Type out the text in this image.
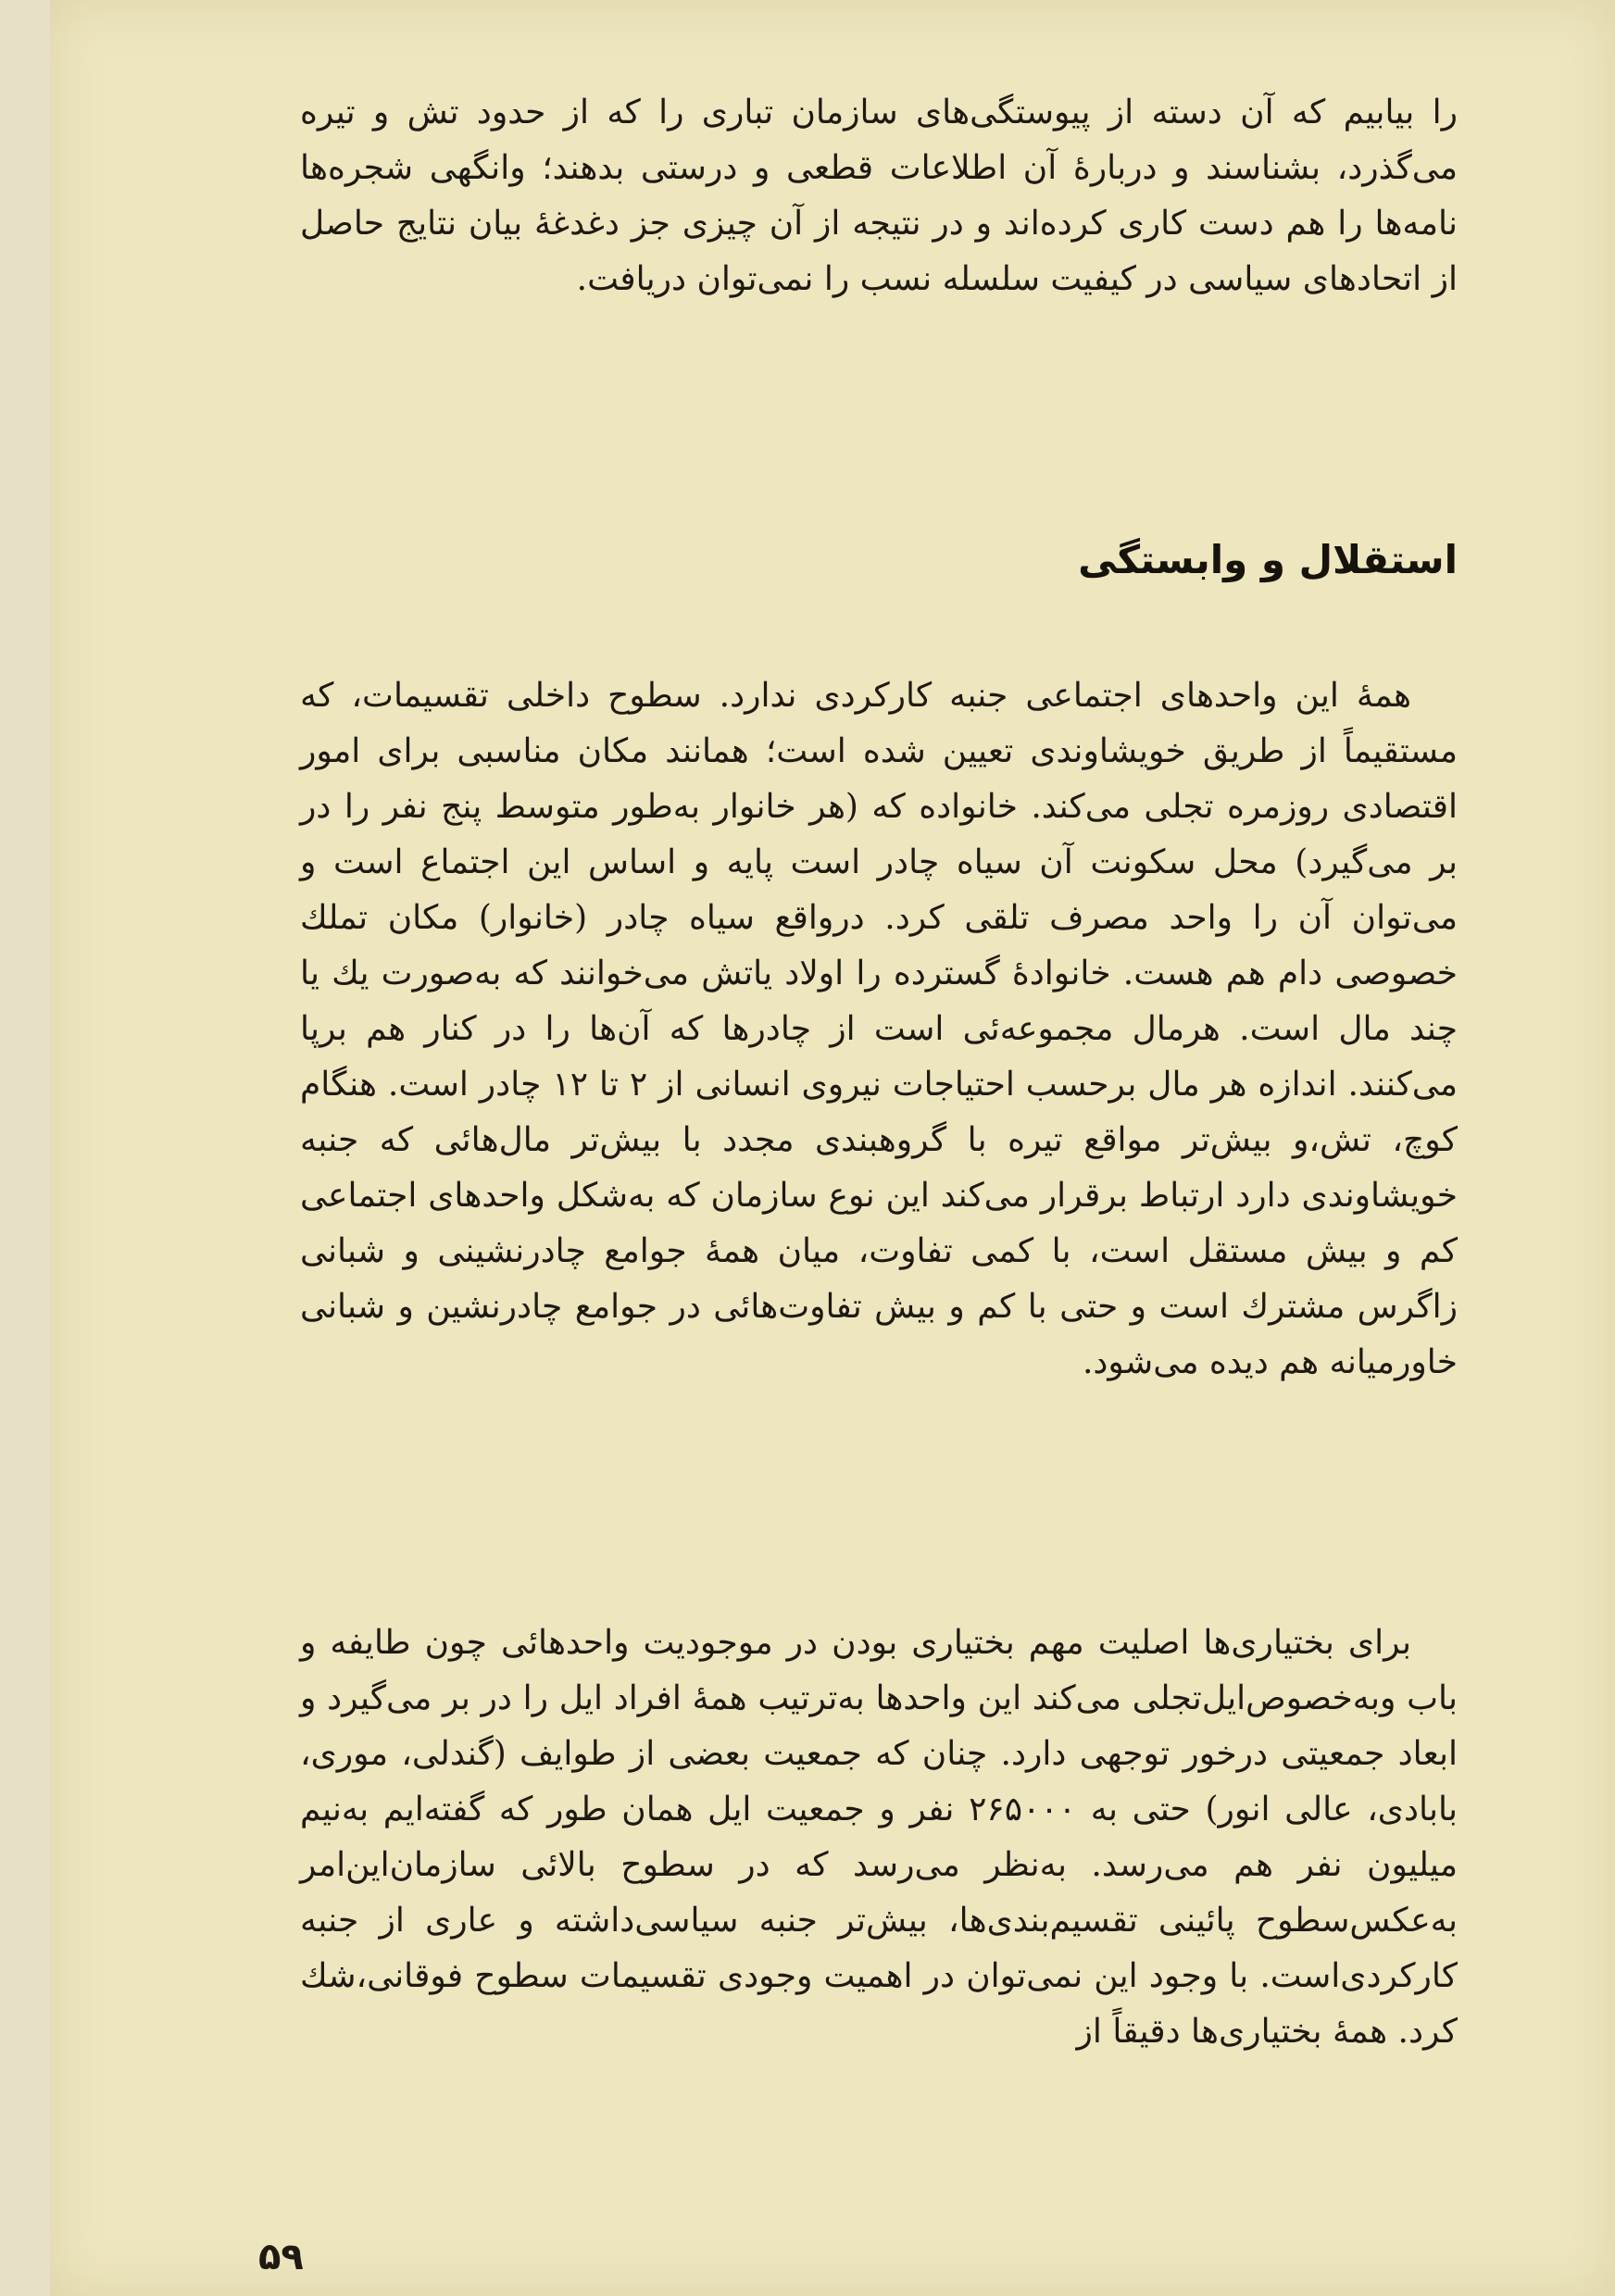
را بیابیم که آن دسته از پیوستگی‌های سازمان تباری را که از حدود تش و تیره می‌گذرد، بشناسند و دربارهٔ آن اطلاعات قطعی و درستی بدهند؛ وانگهی شجره‌ها نامه‌ها را هم دست کاری کرده‌اند و در نتیجه از آن چیزی جز دغدغهٔ بیان نتایج حاصل از اتحادهای سیاسی در کیفیت سلسله نسب را نمی‌توان دریافت.

استقلال و وابستگی

همهٔ این واحدهای اجتماعی جنبه کارکردی ندارد. سطوح داخلی تقسیمات، که مستقیماً از طریق خویشاوندی تعیین شده است؛ همانند مکان مناسبی برای امور اقتصادی روزمره تجلی می‌کند. خانواده که (هر خانوار به‌طور متوسط پنج نفر را در بر می‌گیرد) محل سکونت آن سیاه چادر است پایه و اساس این اجتماع است و می‌توان آن را واحد مصرف تلقی کرد. درواقع سیاه چادر (خانوار) مکان تملك خصوصی دام هم هست. خانوادهٔ گسترده را اولاد یاتش می‌خوانند که به‌صورت يك یا چند مال است. هرمال مجموعه‌ئی است از چادرها که آن‌ها را در کنار هم برپا می‌کنند. اندازه هر مال برحسب احتیاجات نیروی انسانی از ۲ تا ۱۲ چادر است. هنگام کوچ، تش،و بیش‌تر مواقع تیره با گروهبندی مجدد با بیش‌تر مال‌هائی که جنبه خویشاوندی دارد ارتباط برقرار می‌کند این نوع سازمان که به‌شکل واحدهای اجتماعی کم و بیش مستقل است، با کمی تفاوت، میان همهٔ جوامع چادرنشینی و شبانی زاگرس مشترك است و حتی با کم و بیش تفاوت‌هائی در جوامع چادرنشین و شبانی خاورمیانه هم دیده می‌شود.

برای بختیاری‌ها اصلیت مهم بختیاری بودن در موجودیت واحدهائی چون طایفه و باب وبه‌خصوص‌ایل‌تجلی می‌کند این واحدها به‌ترتیب همهٔ افراد ایل را در بر می‌گیرد و ابعاد جمعیتی درخور توجهی دارد. چنان که جمعیت بعضی از طوایف (گندلی، موری، بابادی، عالی انور) حتی به ۲۶۵۰۰۰ نفر و جمعیت ایل همان طور که گفته‌ایم به‌نیم میلیون نفر هم می‌رسد. به‌نظر می‌رسد که در سطوح بالائی سازمان‌این‌امر به‌عکس‌سطوح پائینی تقسیم‌بندی‌ها، بیش‌تر جنبه سیاسی‌داشته و عاری از جنبه کارکردی‌است. با وجود این نمی‌توان در اهمیت وجودی تقسیمات سطوح فوقانی،شك کرد. همهٔ بختیاری‌ها دقیقاً از

۵۹
